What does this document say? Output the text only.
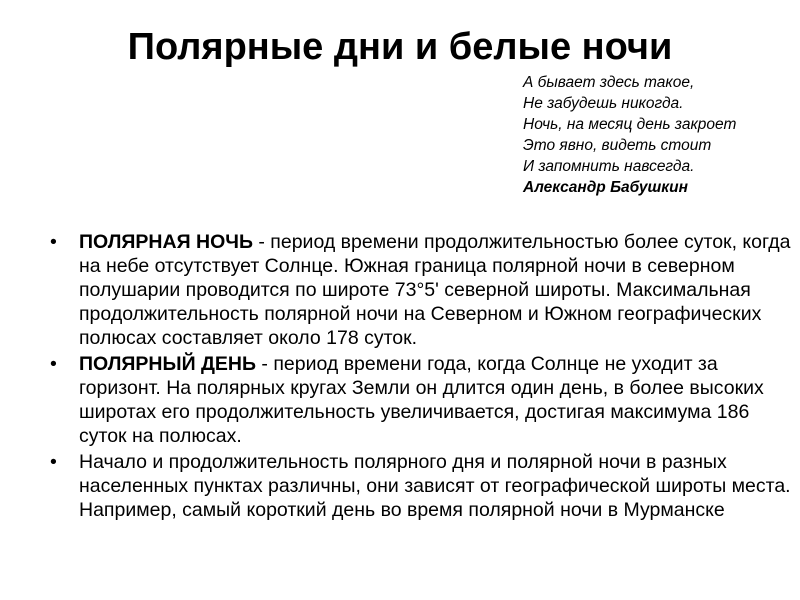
Полярные дни и белые ночи
А бывает здесь такое,
Не забудешь никогда.
Ночь, на месяц день закроет
Это явно, видеть стоит
И запомнить навсегда.
Александр Бабушкин
• ПОЛЯРНАЯ НОЧЬ - период времени продолжительностью более суток, когда на небе отсутствует Солнце. Южная граница полярной ночи в северном полушарии проводится по широте 73°5' северной широты. Максимальная продолжительность полярной ночи на Северном и Южном географических полюсах составляет около 178 суток.
• ПОЛЯРНЫЙ ДЕНЬ - период времени года, когда Солнце не уходит за горизонт. На полярных кругах Земли он длится один день, в более высоких широтах его продолжительность увеличивается, достигая максимума 186 суток на полюсах.
• Начало и продолжительность полярного дня и полярной ночи в разных населенных пунктах различны, они зависят от географической широты места. Например, самый короткий день во время полярной ночи в Мурманске
